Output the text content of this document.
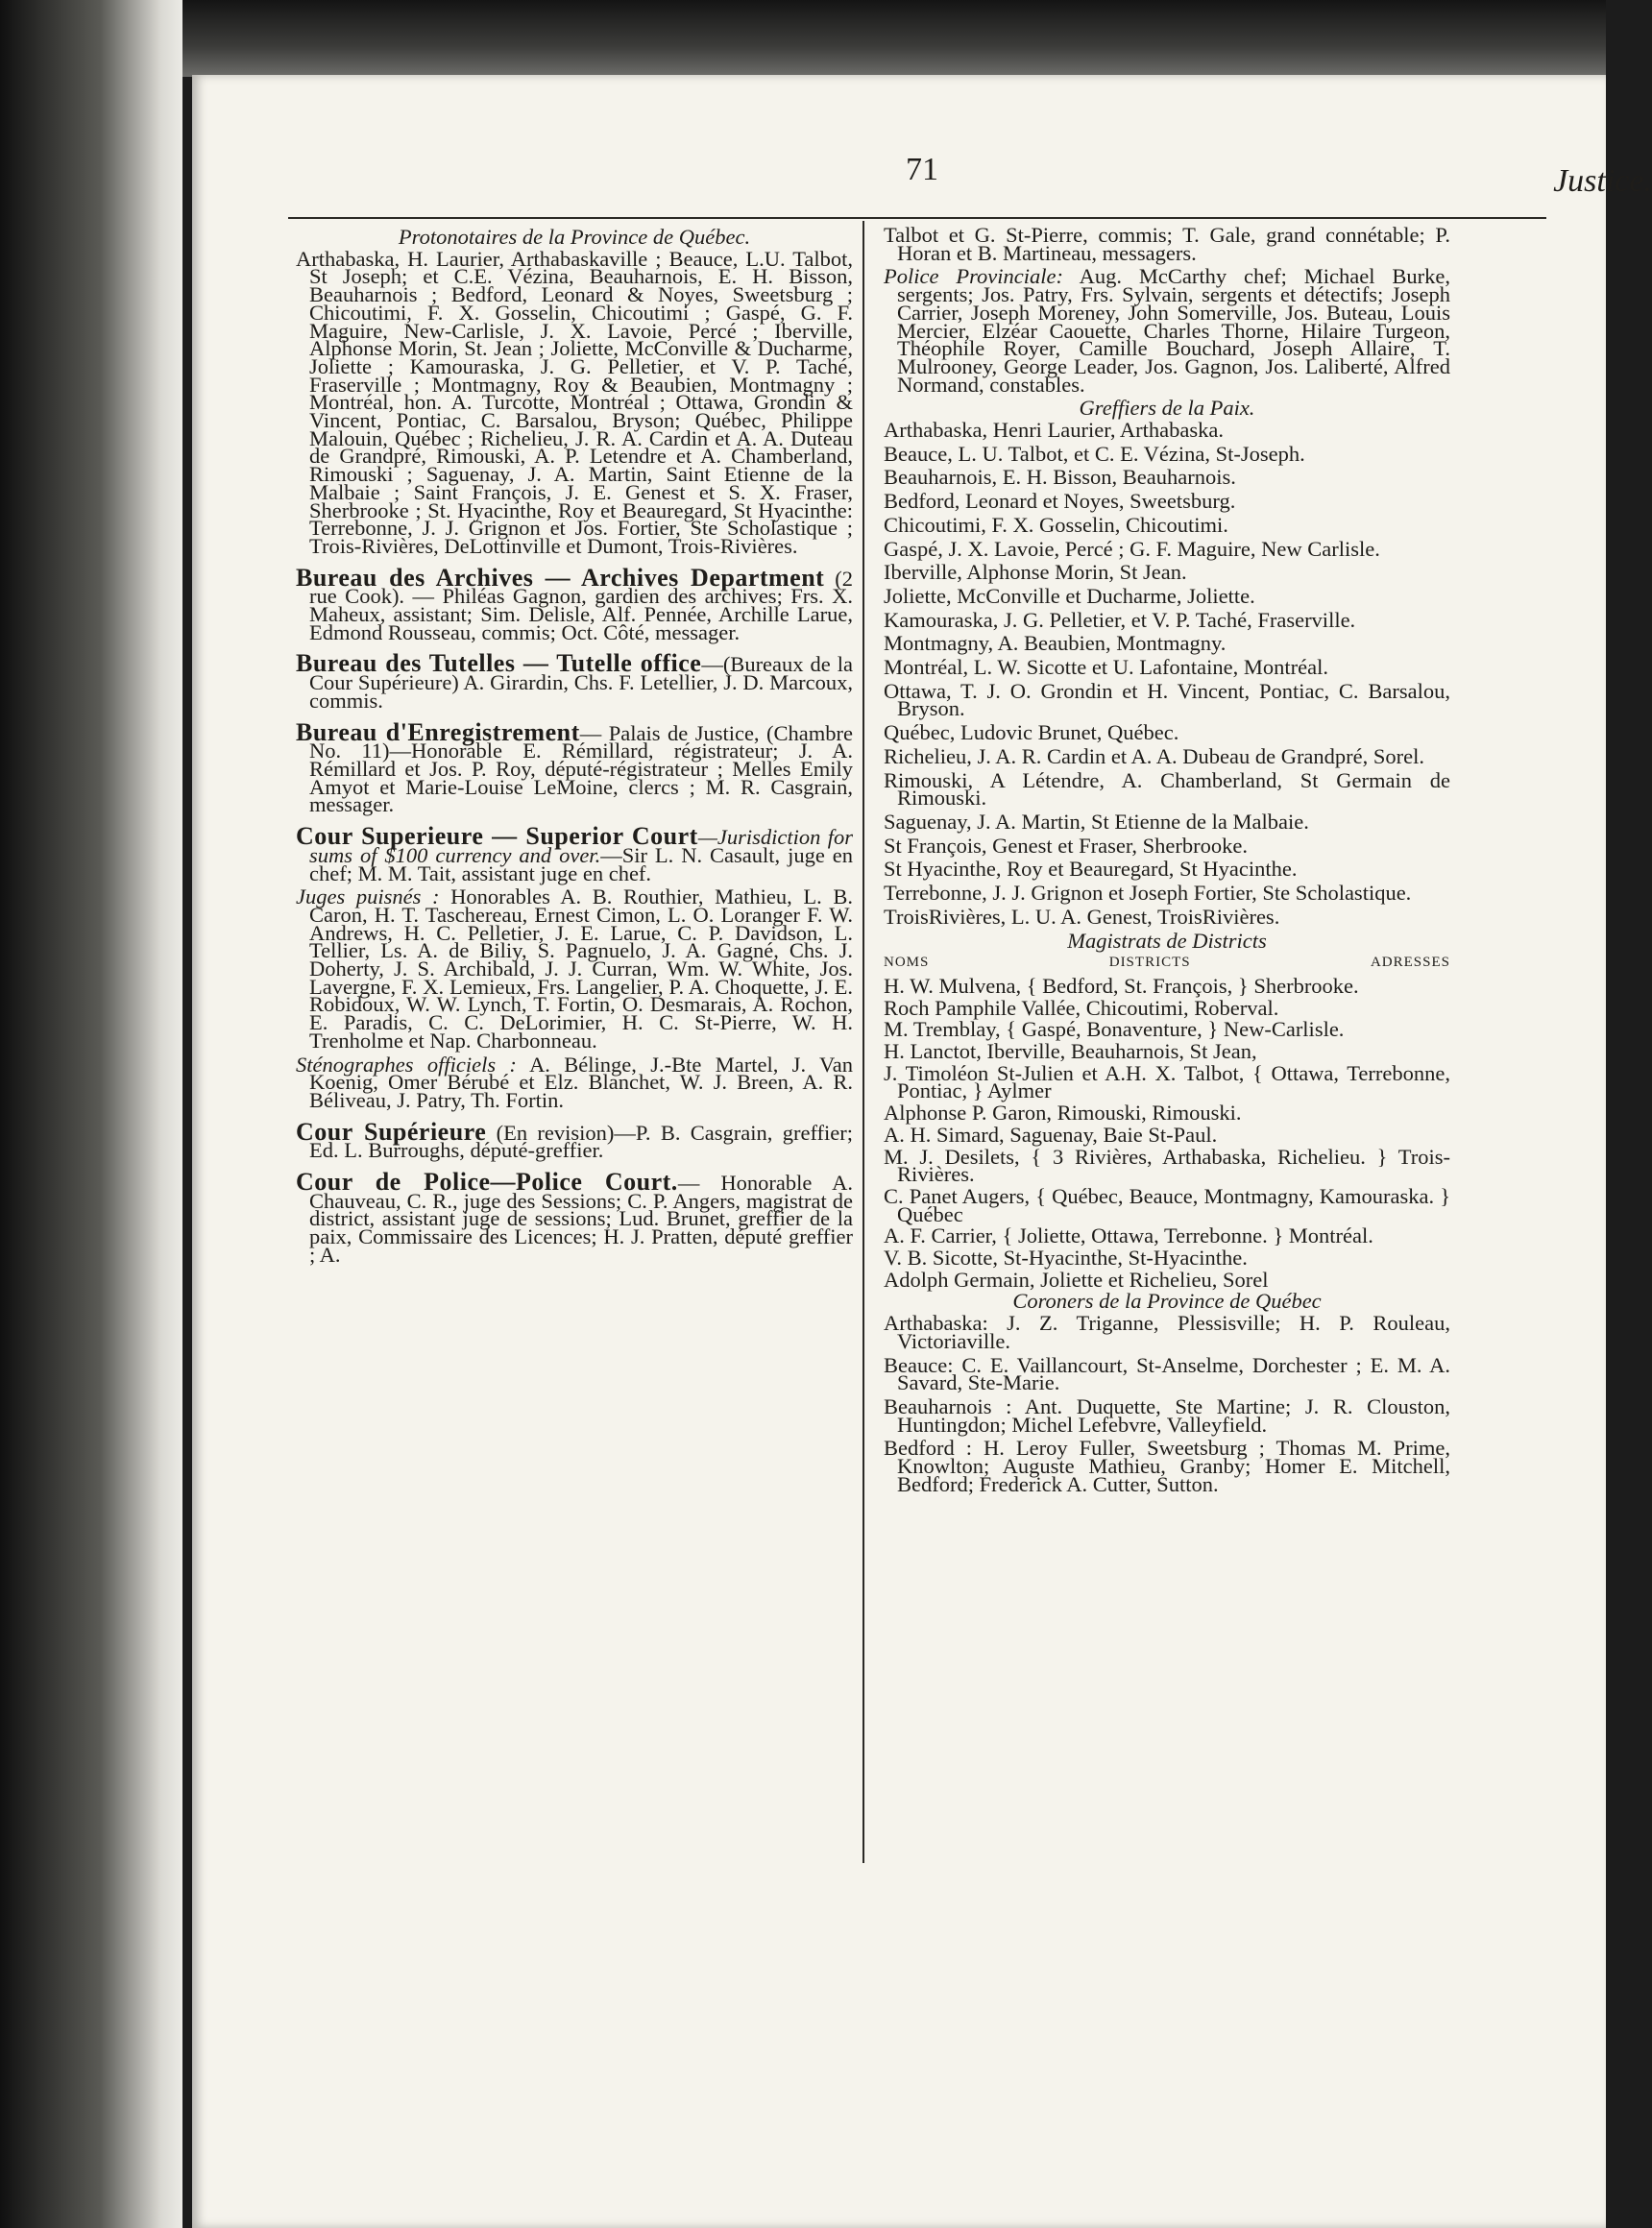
71	Justice.
Protonotaires de la Province de Québec.

Arthabaska, H. Laurier, Arthabaskaville ; Beauce, L.U. Talbot, St Joseph; et C.E. Vézina, Beauharnois, E. H. Bisson, Beauharnois ; Bedford, Leonard & Noyes, Sweetsburg ; Chicoutimi, F. X. Gosselin, Chicoutimi ; Gaspé, G. F. Maguire, New-Carlisle, J. X. Lavoie, Percé ; Iberville, Alphonse Morin, St. Jean ; Joliette, McConville & Ducharme, Joliette ; Kamouraska, J. G. Pelletier, et V. P. Taché, Fraserville ; Montmagny, Roy & Beaubien, Montmagny ; Montréal, hon. A. Turcotte, Montréal ; Ottawa, Grondin & Vincent, Pontiac, C. Barsalou, Bryson; Québec, Philippe Malouin, Québec ; Richelieu, J. R. A. Cardin et A. A. Duteau de Grandpré, Rimouski, A. P. Letendre et A. Chamberland, Rimouski ; Saguenay, J. A. Martin, Saint Etienne de la Malbaie ; Saint François, J. E. Genest et S. X. Fraser, Sherbrooke ; St. Hyacinthe, Roy et Beauregard, St Hyacinthe: Terrebonne, J. J. Grignon et Jos. Fortier, Ste Scholastique ; Trois-Rivières, DeLottinville et Dumont, Trois-Rivières.

Bureau des Archives — Archives Department (2 rue Cook). — Philéas Gagnon, gardien des archives; Frs. X. Maheux, assistant; Sim. Delisle, Alf. Pennée, Archille Larue, Edmond Rousseau, commis; Oct. Côté, messager.

Bureau des Tutelles — Tutelle office—(Bureaux de la Cour Supérieure) A. Girardin, Chs. F. Letellier, J. D. Marcoux, commis.

Bureau d'Enregistrement— Palais de Justice, (Chambre No. 11)—Honorable E. Rémillard, régistrateur; J. A. Rémillard et Jos. P. Roy, député-régistrateur ; Melles Emily Amyot et Marie-Louise LeMoine, clercs ; M. R. Casgrain, messager.

Cour Superieure — Superior Court—Jurisdiction for sums of $100 currency and over.—Sir L. N. Casault, juge en chef; M. M. Tait, assistant juge en chef.

Juges puisnés : Honorables A. B. Routhier, Mathieu, L. B. Caron, H. T. Taschereau, Ernest Cimon, L. O. Loranger F. W. Andrews, H. C. Pelletier, J. E. Larue, C. P. Davidson, L. Tellier, Ls. A. de Biliy, S. Pagnuelo, J. A. Gagné, Chs. J. Doherty, J. S. Archibald, J. J. Curran, Wm. W. White, Jos. Lavergne, F. X. Lemieux, Frs. Langelier, P. A. Choquette, J. E. Robidoux, W. W. Lynch, T. Fortin, O. Desmarais, A. Rochon, E. Paradis, C. C. DeLorimier, H. C. St-Pierre, W. H. Trenholme et Nap. Charbonneau.

Sténographes officiels : A. Bélinge, J.-Bte Martel, J. Van Koenig, Omer Bérubé et Elz. Blanchet, W. J. Breen, A. R. Béliveau, J. Patry, Th. Fortin.

Cour Supérieure (En revision)—P. B. Casgrain, greffier; Ed. L. Burroughs, député-greffier.

Cour de Police—Police Court.— Honorable A. Chauveau, C. R., juge des Sessions; C. P. Angers, magistrat de district, assistant juge de sessions; Lud. Brunet, greffier de la paix, Commissaire des Licences; H. J. Pratten, député greffier ; A.

Talbot et G. St-Pierre, commis; T. Gale, grand connétable; P. Horan et B. Martineau, messagers.

Police Provinciale: Aug. McCarthy chef; Michael Burke, sergents; Jos. Patry, Frs. Sylvain, sergents et détectifs; Joseph Carrier, Joseph Moreney, John Somerville, Jos. Buteau, Louis Mercier, Elzéar Caouette, Charles Thorne, Hilaire Turgeon, Théophile Royer, Camille Bouchard, Joseph Allaire, T. Mulrooney, George Leader, Jos. Gagnon, Jos. Laliberté, Alfred Normand, constables.

Greffiers de la Paix.

Arthabaska, Henri Laurier, Arthabaska.

Beauce, L. U. Talbot, et C. E. Vézina, St-Joseph.

Beauharnois, E. H. Bisson, Beauharnois.

Bedford, Leonard et Noyes, Sweetsburg.

Chicoutimi, F. X. Gosselin, Chicoutimi.

Gaspé, J. X. Lavoie, Percé ; G. F. Maguire, New Carlisle.

Iberville, Alphonse Morin, St Jean.

Joliette, McConville et Ducharme, Joliette.

Kamouraska, J. G. Pelletier, et V. P. Taché, Fraserville.

Montmagny, A. Beaubien, Montmagny.

Montréal, L. W. Sicotte et U. Lafontaine, Montréal.

Ottawa, T. J. O. Grondin et H. Vincent, Pontiac, C. Barsalou, Bryson.

Québec, Ludovic Brunet, Québec.

Richelieu, J. A. R. Cardin et A. A. Dubeau de Grandpré, Sorel.

Rimouski, A Létendre, A. Chamberland, St Germain de Rimouski.

Saguenay, J. A. Martin, St Etienne de la Malbaie.

St François, Genest et Fraser, Sherbrooke.

St Hyacinthe, Roy et Beauregard, St Hyacinthe.

Terrebonne, J. J. Grignon et Joseph Fortier, Ste Scholastique.

TroisRivières, L. U. A. Genest, TroisRivières.

Magistrats de Districts
NOMS	DISTRICTS	ADRESSES
H. W. Mulvena, { Bedford, St. François, } Sherbrooke.
Roch Pamphile Vallée, Chicoutimi, Roberval.
M. Tremblay, { Gaspé, Bonaventure, } New-Carlisle.
H. Lanctot, Iberville, Beauharnois, St Jean,
J. Timoléon St-Julien et A.H. X. Talbot, { Ottawa, Terrebonne, Pontiac, } Aylmer
Alphonse P. Garon, Rimouski, Rimouski.
A. H. Simard, Saguenay, Baie St-Paul.
M. J. Desilets, { 3 Rivières, Arthabaska, Richelieu. } Trois-Rivières.
C. Panet Augers, { Québec, Beauce, Montmagny, Kamouraska. } Québec
A. F. Carrier, { Joliette, Ottawa, Terrebonne. } Montréal.
V. B. Sicotte, St-Hyacinthe, St-Hyacinthe.
Adolph Germain, Joliette et Richelieu, Sorel
Coroners de la Province de Québec

Arthabaska: J. Z. Triganne, Plessisville; H. P. Rouleau, Victoriaville.

Beauce: C. E. Vaillancourt, St-Anselme, Dorchester ; E. M. A. Savard, Ste-Marie.

Beauharnois : Ant. Duquette, Ste Martine; J. R. Clouston, Huntingdon; Michel Lefebvre, Valleyfield.

Bedford : H. Leroy Fuller, Sweetsburg ; Thomas M. Prime, Knowlton; Auguste Mathieu, Granby; Homer E. Mitchell, Bedford; Frederick A. Cutter, Sutton.
